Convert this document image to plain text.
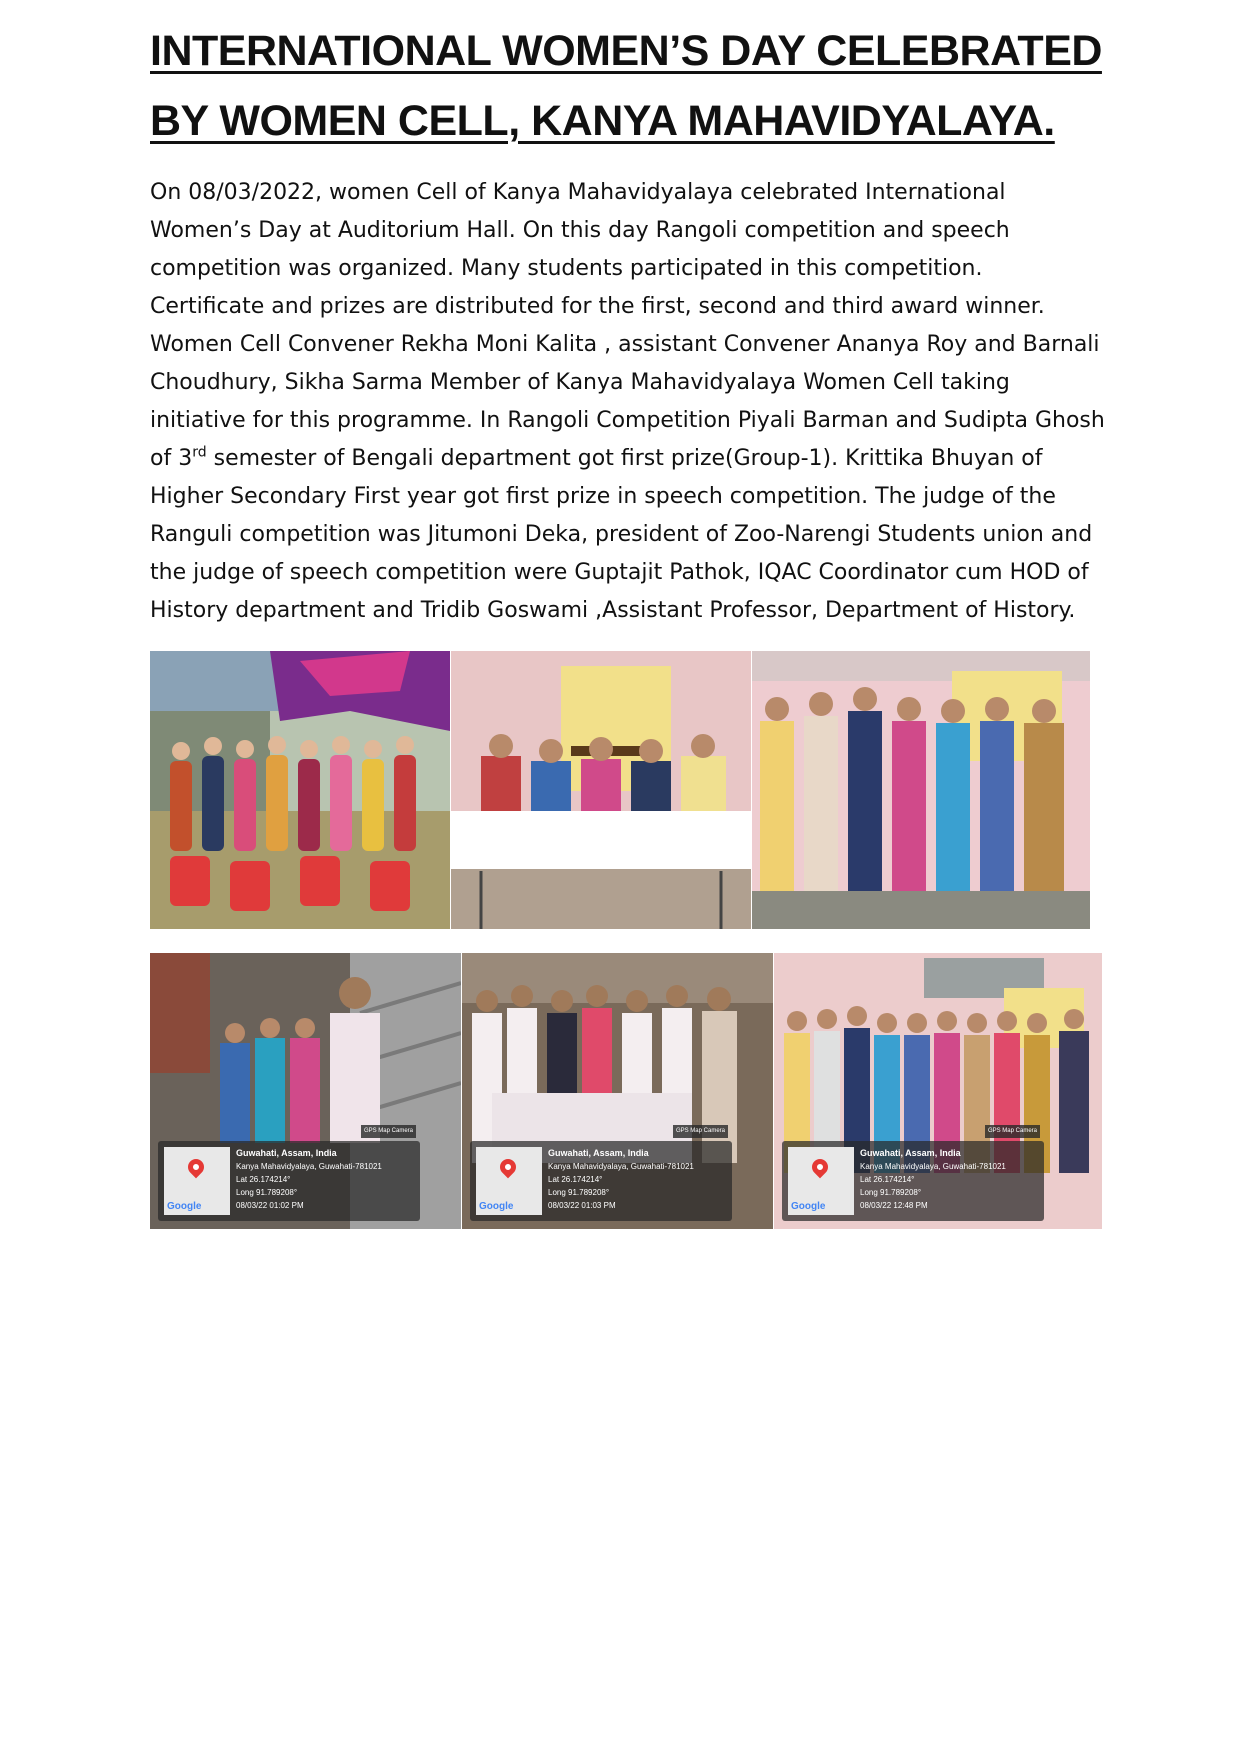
INTERNATIONAL WOMEN’S DAY CELEBRATED
BY WOMEN CELL, KANYA MAHAVIDYALAYA.
On 08/03/2022, women Cell of Kanya Mahavidyalaya celebrated International
Women’s Day at Auditorium Hall. On this day Rangoli competition and speech
competition was organized. Many students participated in this competition.
Certificate and prizes are distributed for the first, second and third award winner.
Women Cell Convener Rekha Moni Kalita , assistant Convener Ananya Roy and Barnali
Choudhury, Sikha Sarma Member of Kanya Mahavidyalaya Women Cell taking
initiative for this programme. In Rangoli Competition Piyali Barman and Sudipta Ghosh
of 3rd semester of Bengali department got first prize(Group-1). Krittika Bhuyan of
Higher Secondary First year got first prize in speech competition. The judge of the
Ranguli competition was Jitumoni Deka, president of Zoo-Narengi Students union and
the judge of speech competition were Guptajit Pathok, IQAC Coordinator cum HOD of
History department and Tridib Goswami ,Assistant Professor, Department of History.
GPS Map Camera
Google
Guwahati, Assam, India
Kanya Mahavidyalaya, Guwahati-781021
Lat 26.174214°
Long 91.789208°
08/03/22 01:02 PM
GPS Map Camera
Google
Guwahati, Assam, India
Kanya Mahavidyalaya, Guwahati-781021
Lat 26.174214°
Long 91.789208°
08/03/22 01:03 PM
GPS Map Camera
Google
Guwahati, Assam, India
Kanya Mahavidyalaya, Guwahati-781021
Lat 26.174214°
Long 91.789208°
08/03/22 12:48 PM
